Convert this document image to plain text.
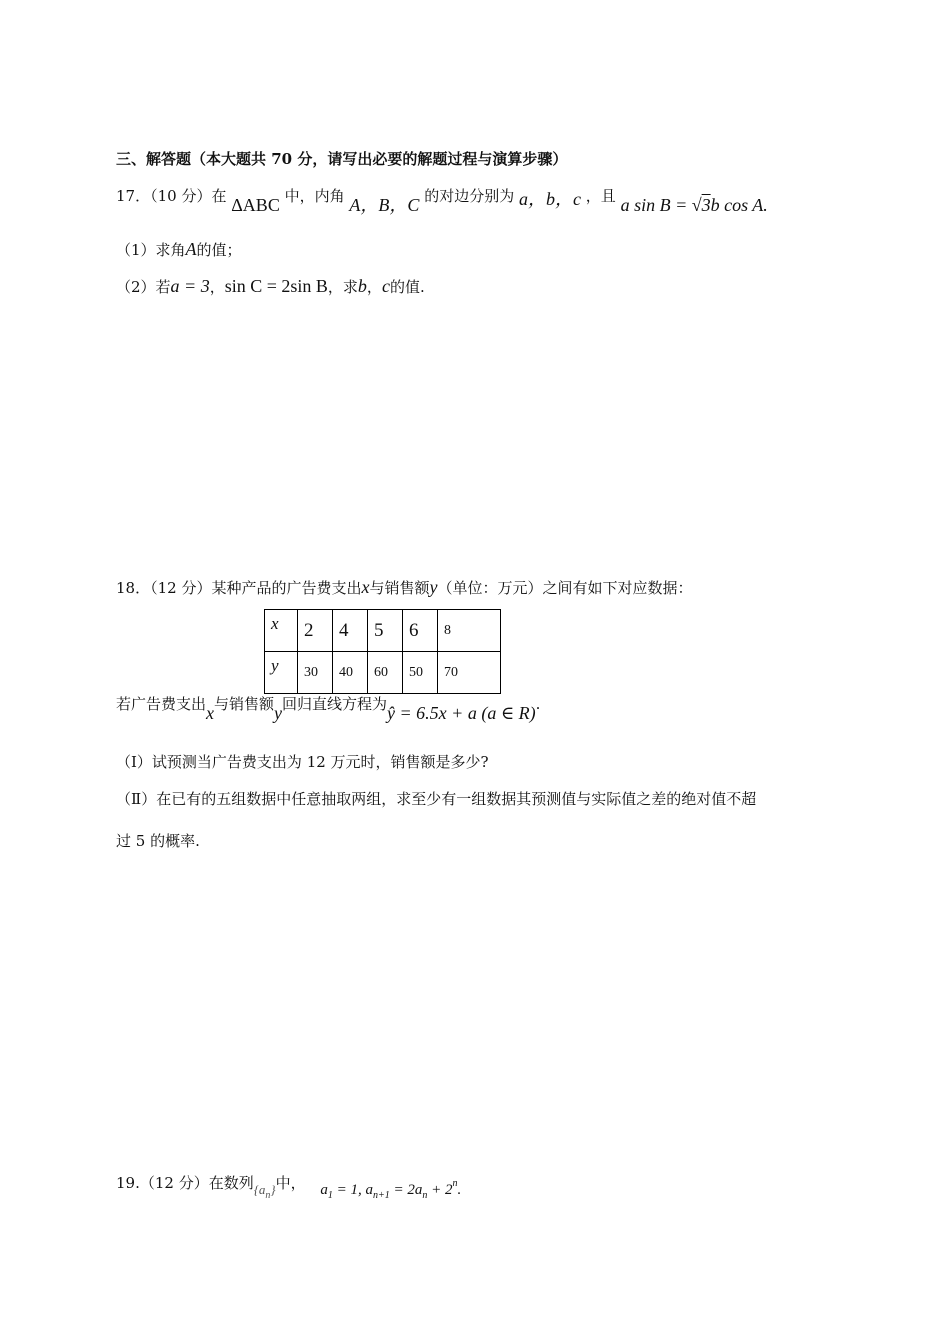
三、解答题（本大题共 70 分，请写出必要的解题过程与演算步骤）
17．（10 分）在 ΔABC 中，内角 A，B，C 的对边分别为 a，b，c ，且 a sin B = √3b cos A.
（1）求角A的值；
（2）若a = 3，sin C = 2sin B，求b，c的值.
18．（12 分）某种产品的广告费支出x与销售额y（单位：万元）之间有如下对应数据：
x	2	4	5	6	8
y	30	40	60	50	70
若广告费支出x与销售额y回归直线方程为ŷ = 6.5x + a (a ∈ R).
（Ⅰ）试预测当广告费支出为 12 万元时，销售额是多少?
（Ⅱ）在已有的五组数据中任意抽取两组，求至少有一组数据其预测值与实际值之差的绝对值不超
过 5 的概率.
19.（12 分）在数列$\{a_n\}$中， $a_1 = 1$, $a_{n+1} = 2a_n + 2^n$.
